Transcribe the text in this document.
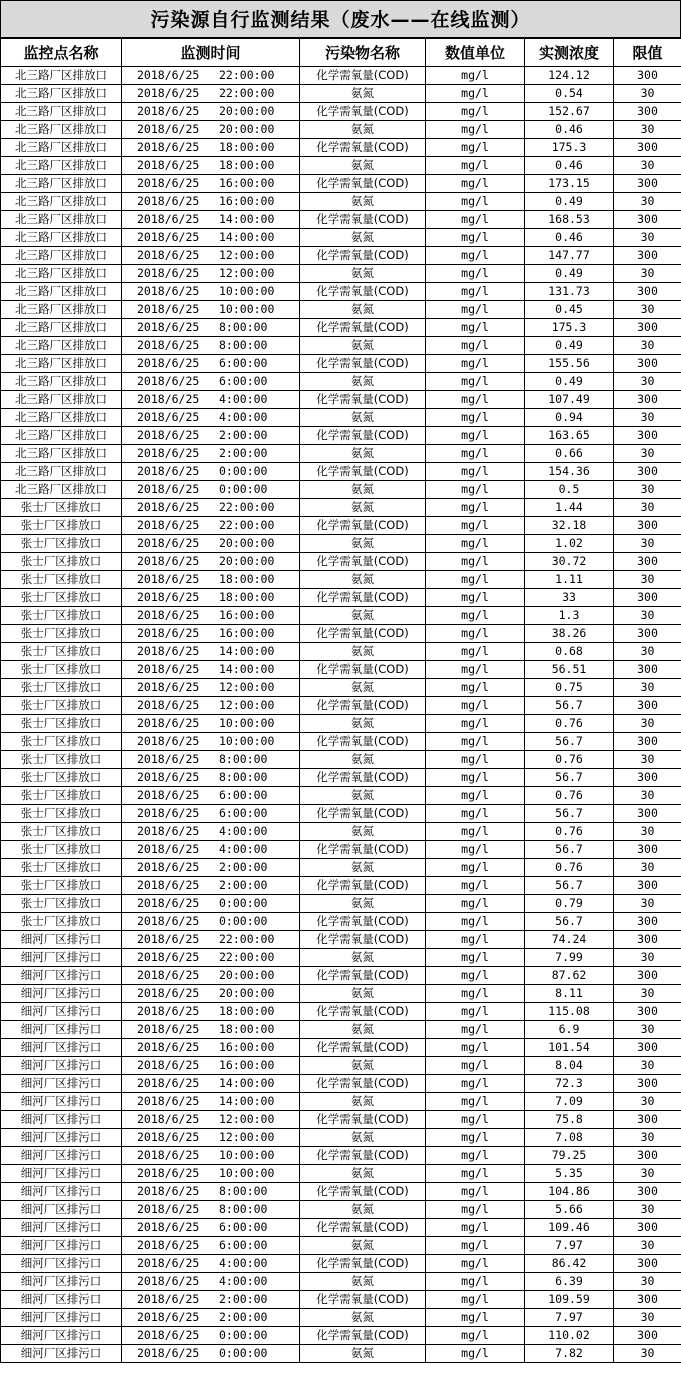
污染源自行监测结果（废水——在线监测）
监控点名称	监测时间	污染物名称	数值单位	实测浓度	限值
北三路厂区排放口	2018/6/25 22:00:00	化学需氧量(COD)	mg/l	124.12	300
北三路厂区排放口	2018/6/25 22:00:00	氨氮	mg/l	0.54	30
北三路厂区排放口	2018/6/25 20:00:00	化学需氧量(COD)	mg/l	152.67	300
北三路厂区排放口	2018/6/25 20:00:00	氨氮	mg/l	0.46	30
北三路厂区排放口	2018/6/25 18:00:00	化学需氧量(COD)	mg/l	175.3	300
北三路厂区排放口	2018/6/25 18:00:00	氨氮	mg/l	0.46	30
北三路厂区排放口	2018/6/25 16:00:00	化学需氧量(COD)	mg/l	173.15	300
北三路厂区排放口	2018/6/25 16:00:00	氨氮	mg/l	0.49	30
北三路厂区排放口	2018/6/25 14:00:00	化学需氧量(COD)	mg/l	168.53	300
北三路厂区排放口	2018/6/25 14:00:00	氨氮	mg/l	0.46	30
北三路厂区排放口	2018/6/25 12:00:00	化学需氧量(COD)	mg/l	147.77	300
北三路厂区排放口	2018/6/25 12:00:00	氨氮	mg/l	0.49	30
北三路厂区排放口	2018/6/25 10:00:00	化学需氧量(COD)	mg/l	131.73	300
北三路厂区排放口	2018/6/25 10:00:00	氨氮	mg/l	0.45	30
北三路厂区排放口	2018/6/25 8:00:00	化学需氧量(COD)	mg/l	175.3	300
北三路厂区排放口	2018/6/25 8:00:00	氨氮	mg/l	0.49	30
北三路厂区排放口	2018/6/25 6:00:00	化学需氧量(COD)	mg/l	155.56	300
北三路厂区排放口	2018/6/25 6:00:00	氨氮	mg/l	0.49	30
北三路厂区排放口	2018/6/25 4:00:00	化学需氧量(COD)	mg/l	107.49	300
北三路厂区排放口	2018/6/25 4:00:00	氨氮	mg/l	0.94	30
北三路厂区排放口	2018/6/25 2:00:00	化学需氧量(COD)	mg/l	163.65	300
北三路厂区排放口	2018/6/25 2:00:00	氨氮	mg/l	0.66	30
北三路厂区排放口	2018/6/25 0:00:00	化学需氧量(COD)	mg/l	154.36	300
北三路厂区排放口	2018/6/25 0:00:00	氨氮	mg/l	0.5	30
张士厂区排放口	2018/6/25 22:00:00	氨氮	mg/l	1.44	30
张士厂区排放口	2018/6/25 22:00:00	化学需氧量(COD)	mg/l	32.18	300
张士厂区排放口	2018/6/25 20:00:00	氨氮	mg/l	1.02	30
张士厂区排放口	2018/6/25 20:00:00	化学需氧量(COD)	mg/l	30.72	300
张士厂区排放口	2018/6/25 18:00:00	氨氮	mg/l	1.11	30
张士厂区排放口	2018/6/25 18:00:00	化学需氧量(COD)	mg/l	33	300
张士厂区排放口	2018/6/25 16:00:00	氨氮	mg/l	1.3	30
张士厂区排放口	2018/6/25 16:00:00	化学需氧量(COD)	mg/l	38.26	300
张士厂区排放口	2018/6/25 14:00:00	氨氮	mg/l	0.68	30
张士厂区排放口	2018/6/25 14:00:00	化学需氧量(COD)	mg/l	56.51	300
张士厂区排放口	2018/6/25 12:00:00	氨氮	mg/l	0.75	30
张士厂区排放口	2018/6/25 12:00:00	化学需氧量(COD)	mg/l	56.7	300
张士厂区排放口	2018/6/25 10:00:00	氨氮	mg/l	0.76	30
张士厂区排放口	2018/6/25 10:00:00	化学需氧量(COD)	mg/l	56.7	300
张士厂区排放口	2018/6/25 8:00:00	氨氮	mg/l	0.76	30
张士厂区排放口	2018/6/25 8:00:00	化学需氧量(COD)	mg/l	56.7	300
张士厂区排放口	2018/6/25 6:00:00	氨氮	mg/l	0.76	30
张士厂区排放口	2018/6/25 6:00:00	化学需氧量(COD)	mg/l	56.7	300
张士厂区排放口	2018/6/25 4:00:00	氨氮	mg/l	0.76	30
张士厂区排放口	2018/6/25 4:00:00	化学需氧量(COD)	mg/l	56.7	300
张士厂区排放口	2018/6/25 2:00:00	氨氮	mg/l	0.76	30
张士厂区排放口	2018/6/25 2:00:00	化学需氧量(COD)	mg/l	56.7	300
张士厂区排放口	2018/6/25 0:00:00	氨氮	mg/l	0.79	30
张士厂区排放口	2018/6/25 0:00:00	化学需氧量(COD)	mg/l	56.7	300
细河厂区排污口	2018/6/25 22:00:00	化学需氧量(COD)	mg/l	74.24	300
细河厂区排污口	2018/6/25 22:00:00	氨氮	mg/l	7.99	30
细河厂区排污口	2018/6/25 20:00:00	化学需氧量(COD)	mg/l	87.62	300
细河厂区排污口	2018/6/25 20:00:00	氨氮	mg/l	8.11	30
细河厂区排污口	2018/6/25 18:00:00	化学需氧量(COD)	mg/l	115.08	300
细河厂区排污口	2018/6/25 18:00:00	氨氮	mg/l	6.9	30
细河厂区排污口	2018/6/25 16:00:00	化学需氧量(COD)	mg/l	101.54	300
细河厂区排污口	2018/6/25 16:00:00	氨氮	mg/l	8.04	30
细河厂区排污口	2018/6/25 14:00:00	化学需氧量(COD)	mg/l	72.3	300
细河厂区排污口	2018/6/25 14:00:00	氨氮	mg/l	7.09	30
细河厂区排污口	2018/6/25 12:00:00	化学需氧量(COD)	mg/l	75.8	300
细河厂区排污口	2018/6/25 12:00:00	氨氮	mg/l	7.08	30
细河厂区排污口	2018/6/25 10:00:00	化学需氧量(COD)	mg/l	79.25	300
细河厂区排污口	2018/6/25 10:00:00	氨氮	mg/l	5.35	30
细河厂区排污口	2018/6/25 8:00:00	化学需氧量(COD)	mg/l	104.86	300
细河厂区排污口	2018/6/25 8:00:00	氨氮	mg/l	5.66	30
细河厂区排污口	2018/6/25 6:00:00	化学需氧量(COD)	mg/l	109.46	300
细河厂区排污口	2018/6/25 6:00:00	氨氮	mg/l	7.97	30
细河厂区排污口	2018/6/25 4:00:00	化学需氧量(COD)	mg/l	86.42	300
细河厂区排污口	2018/6/25 4:00:00	氨氮	mg/l	6.39	30
细河厂区排污口	2018/6/25 2:00:00	化学需氧量(COD)	mg/l	109.59	300
细河厂区排污口	2018/6/25 2:00:00	氨氮	mg/l	7.97	30
细河厂区排污口	2018/6/25 0:00:00	化学需氧量(COD)	mg/l	110.02	300
细河厂区排污口	2018/6/25 0:00:00	氨氮	mg/l	7.82	30
